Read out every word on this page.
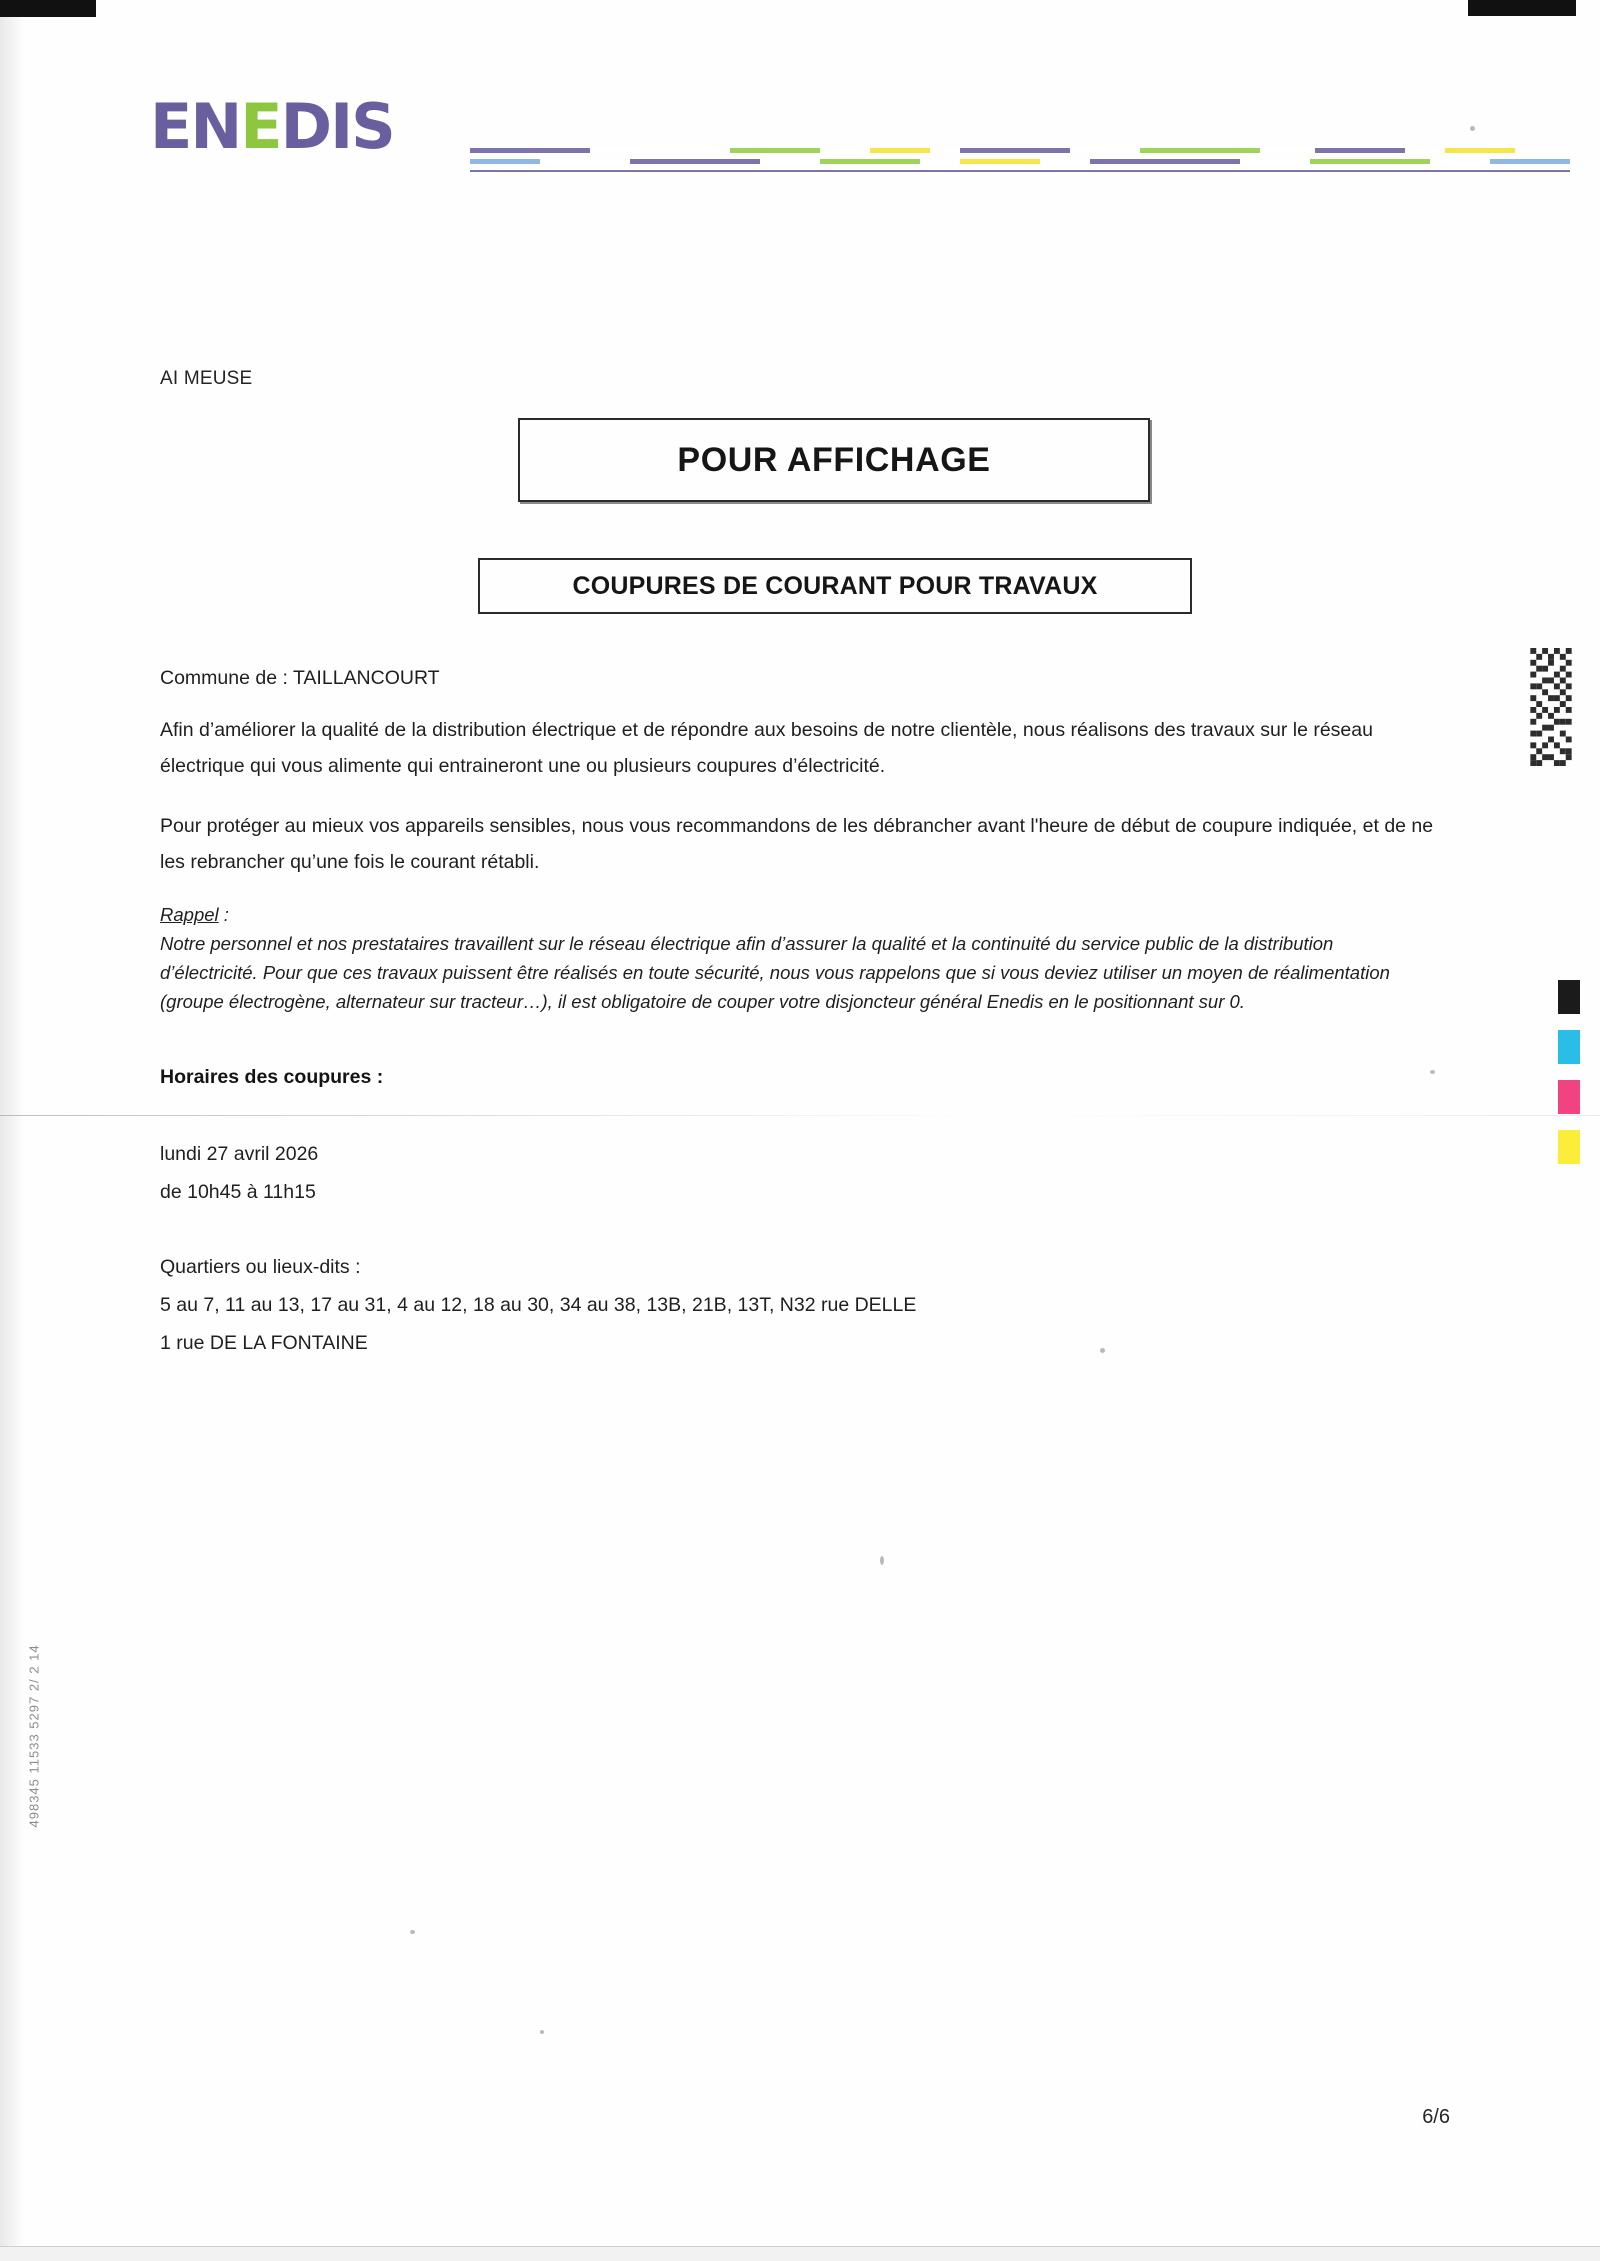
ENEDIS
AI MEUSE
POUR AFFICHAGE
COUPURES DE COURANT POUR TRAVAUX
Commune de : TAILLANCOURT
Afin d’améliorer la qualité de la distribution électrique et de répondre aux besoins de notre clientèle, nous réalisons des travaux sur le réseau électrique qui vous alimente qui entraineront une ou plusieurs coupures d’électricité.
Pour protéger au mieux vos appareils sensibles, nous vous recommandons de les débrancher avant l'heure de début de coupure indiquée, et de ne les rebrancher qu’une fois le courant rétabli.
Rappel :
Notre personnel et nos prestataires travaillent sur le réseau électrique afin d’assurer la qualité et la continuité du service public de la distribution d’électricité. Pour que ces travaux puissent être réalisés en toute sécurité, nous vous rappelons que si vous deviez utiliser un moyen de réalimentation (groupe électrogène, alternateur sur tracteur…), il est obligatoire de couper votre disjoncteur général Enedis en le positionnant sur 0.
Horaires des coupures :
lundi 27 avril 2026
de 10h45 à 11h15
Quartiers ou lieux-dits :
5 au 7, 11 au 13, 17 au 31, 4 au 12, 18 au 30, 34 au 38, 13B, 21B, 13T, N32 rue DELLE
1 rue DE LA FONTAINE
6/6
498345 11533 5297 2/ 2 14
